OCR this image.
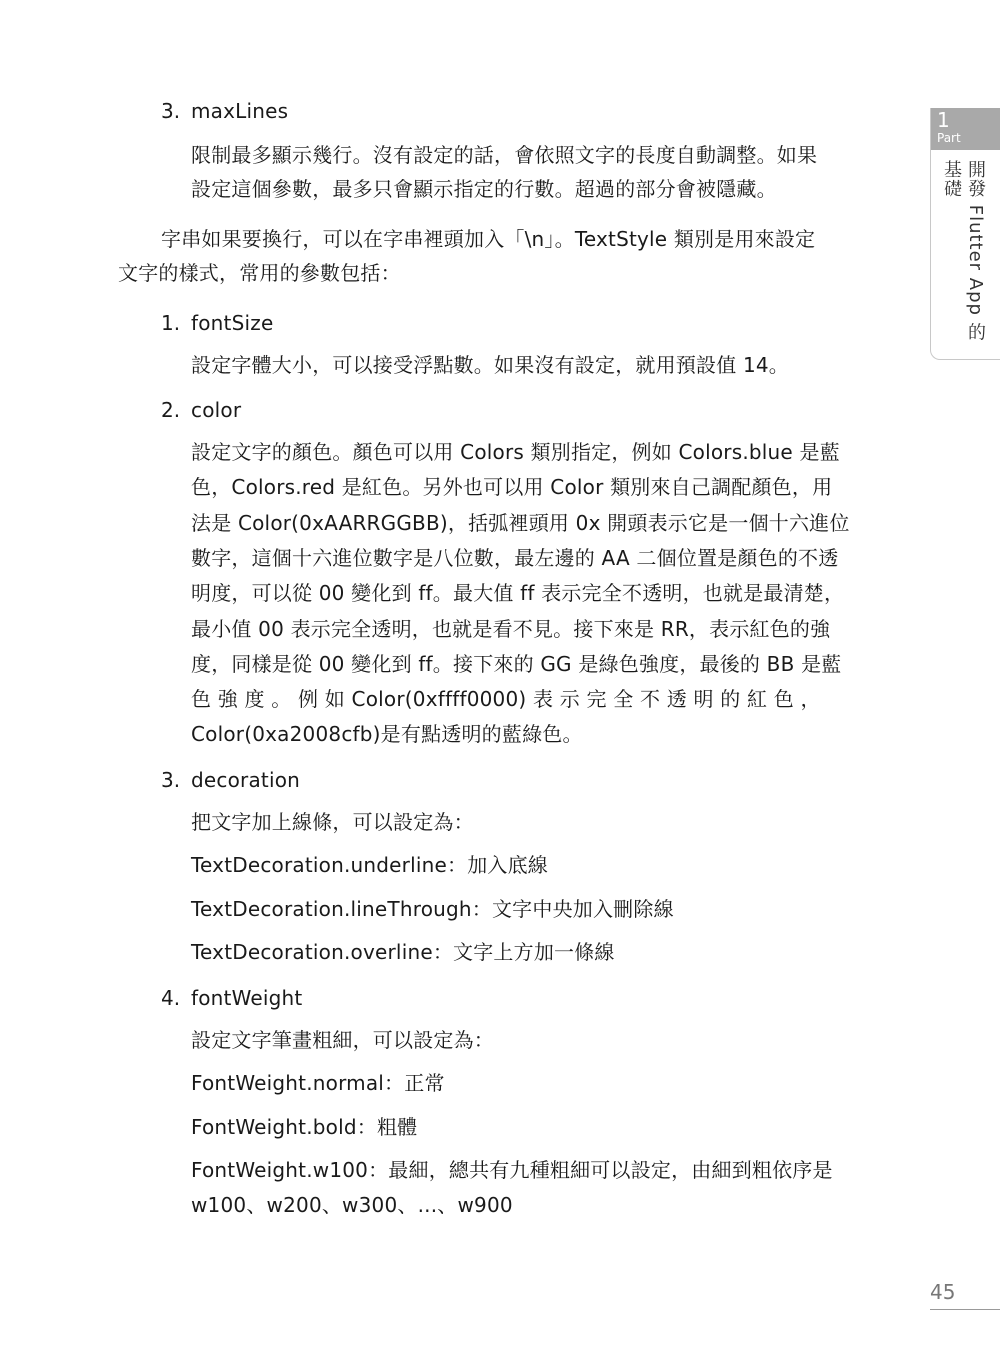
3. maxLines
限制最多顯示幾行。沒有設定的話，會依照文字的長度自動調整。如果
設定這個參數，最多只會顯示指定的行數。超過的部分會被隱藏。
字串如果要換行，可以在字串裡頭加入「\n」。TextStyle 類別是用來設定
文字的樣式，常用的參數包括：
1. fontSize
設定字體大小，可以接受浮點數。如果沒有設定，就用預設值 14。
2. color
設定文字的顏色。顏色可以用 Colors 類別指定，例如 Colors.blue 是藍
色，Colors.red 是紅色。另外也可以用 Color 類別來自己調配顏色，用
法是 Color(0xAARRGGBB)，括弧裡頭用 0x 開頭表示它是一個十六進位
數字，這個十六進位數字是八位數，最左邊的 AA 二個位置是顏色的不透
明度，可以從 00 變化到 ff。最大值 ff 表示完全不透明，也就是最清楚，
最小值 00 表示完全透明，也就是看不見。接下來是 RR，表示紅色的強
度，同樣是從 00 變化到 ff。接下來的 GG 是綠色強度，最後的 BB 是藍
色 強 度 。 例 如 Color(0xffff0000) 表 示 完 全 不 透 明 的 紅 色 ，
Color(0xa2008cfb)是有點透明的藍綠色。
3. decoration
把文字加上線條，可以設定為：
TextDecoration.underline：加入底線
TextDecoration.lineThrough：文字中央加入刪除線
TextDecoration.overline：文字上方加一條線
4. fontWeight
設定文字筆畫粗細，可以設定為：
FontWeight.normal：正常
FontWeight.bold：粗體
FontWeight.w100：最細，總共有九種粗細可以設定，由細到粗依序是
w100、w200、w300、...、w900
1
Part
開發 Flutter App 的基礎
45
